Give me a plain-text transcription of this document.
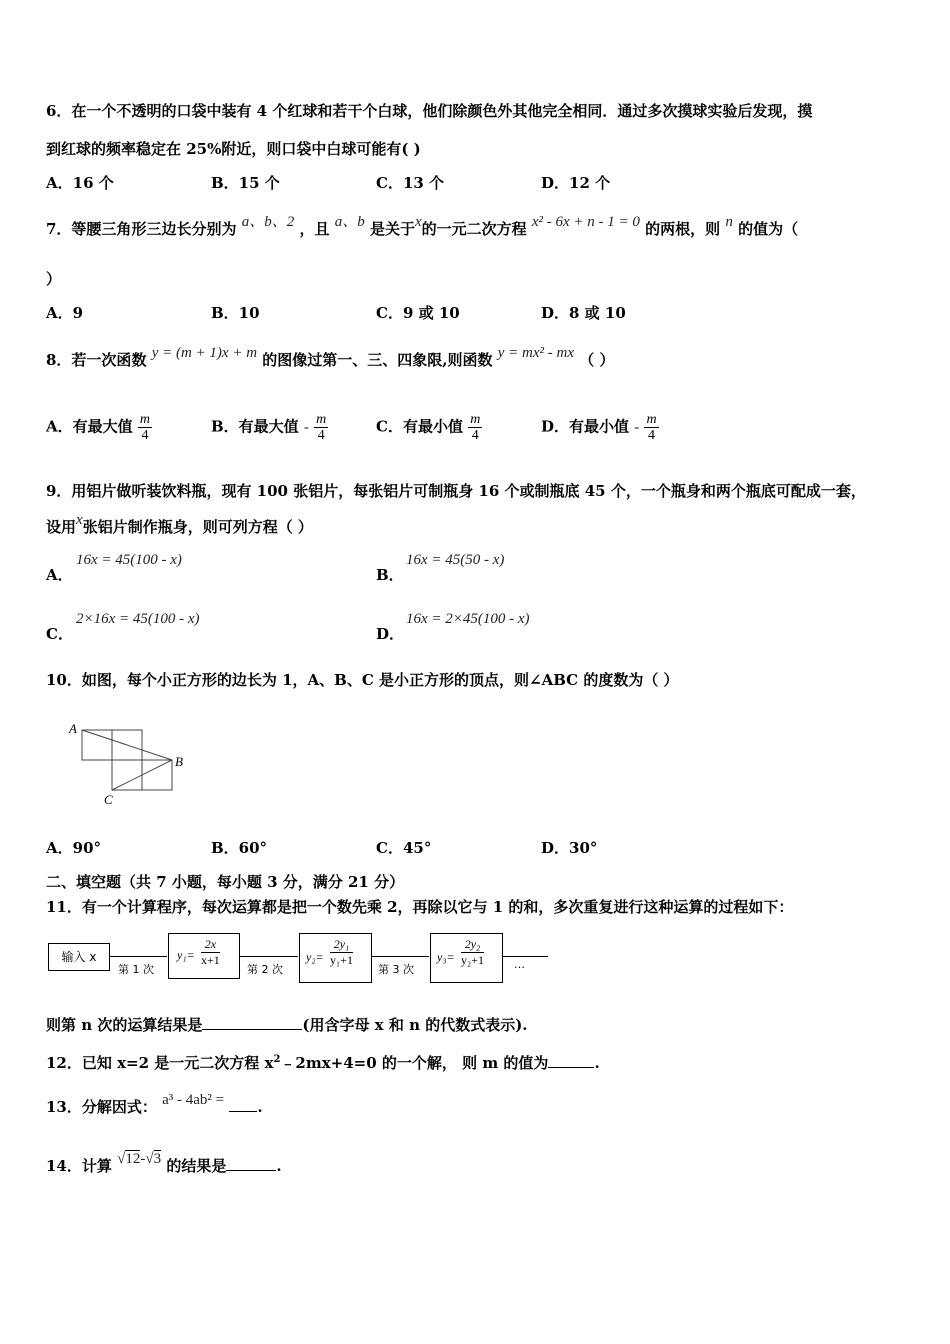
6．在一个不透明的口袋中装有 4 个红球和若干个白球，他们除颜色外其他完全相同．通过多次摸球实验后发现，摸
到红球的频率稳定在 25%附近，则口袋中白球可能有( )
A．16 个	B．15 个	C．13 个	D．12 个
7．等腰三角形三边长分别为 a、b、2 ，且 a、b 是关于x的一元二次方程 x² - 6x + n - 1 = 0 的两根，则 n 的值为（
）
A．9	B．10	C．9 或 10	D．8 或 10
8．若一次函数 y = (m + 1)x + m 的图像过第一、三、四象限,则函数 y = mx² - mx （ ）
A．有最大值 $\frac{m}{4}$	B．有最大值 - $\frac{m}{4}$	C．有最小值 $\frac{m}{4}$	D．有最小值 - $\frac{m}{4}$
9．用铝片做听装饮料瓶，现有 100 张铝片，每张铝片可制瓶身 16 个或制瓶底 45 个，一个瓶身和两个瓶底可配成一套，
设用x张铝片制作瓶身，则可列方程（ ）
A．
16x = 45(100 - x)
B．
16x = 45(50 - x)
C．
2×16x = 45(100 - x)
D．
16x = 2×45(100 - x)
10．如图，每个小正方形的边长为 1，A、B、C 是小正方形的顶点，则∠ABC 的度数为（ ）
A
B
C
A．90°	B．60°	C．45°	D．30°
二、填空题（共 7 小题，每小题 3 分，满分 21 分）
11．有一个计算程序，每次运算都是把一个数先乘 2，再除以它与 1 的和，多次重复进行这种运算的过程如下：
输入 x
第 1 次
$y_1= \frac{2x}{x+1}$
第 2 次
$y_2= \frac{\text{2y₁}}{\text{y₁+1}}$
第 3 次
$y_3= \frac{\text{2y₂}}{\text{y₂+1}}$	…
则第 n 次的运算结果是	(用含字母 x 和 n 的代数式表示).
12．已知 x=2 是一元二次方程 $x^2﹣2mx+4=0$ 的一个解， 则 m 的值为	.
13．分解因式： a³ - 4ab² = .
14．计算 √12-√3 的结果是	.
